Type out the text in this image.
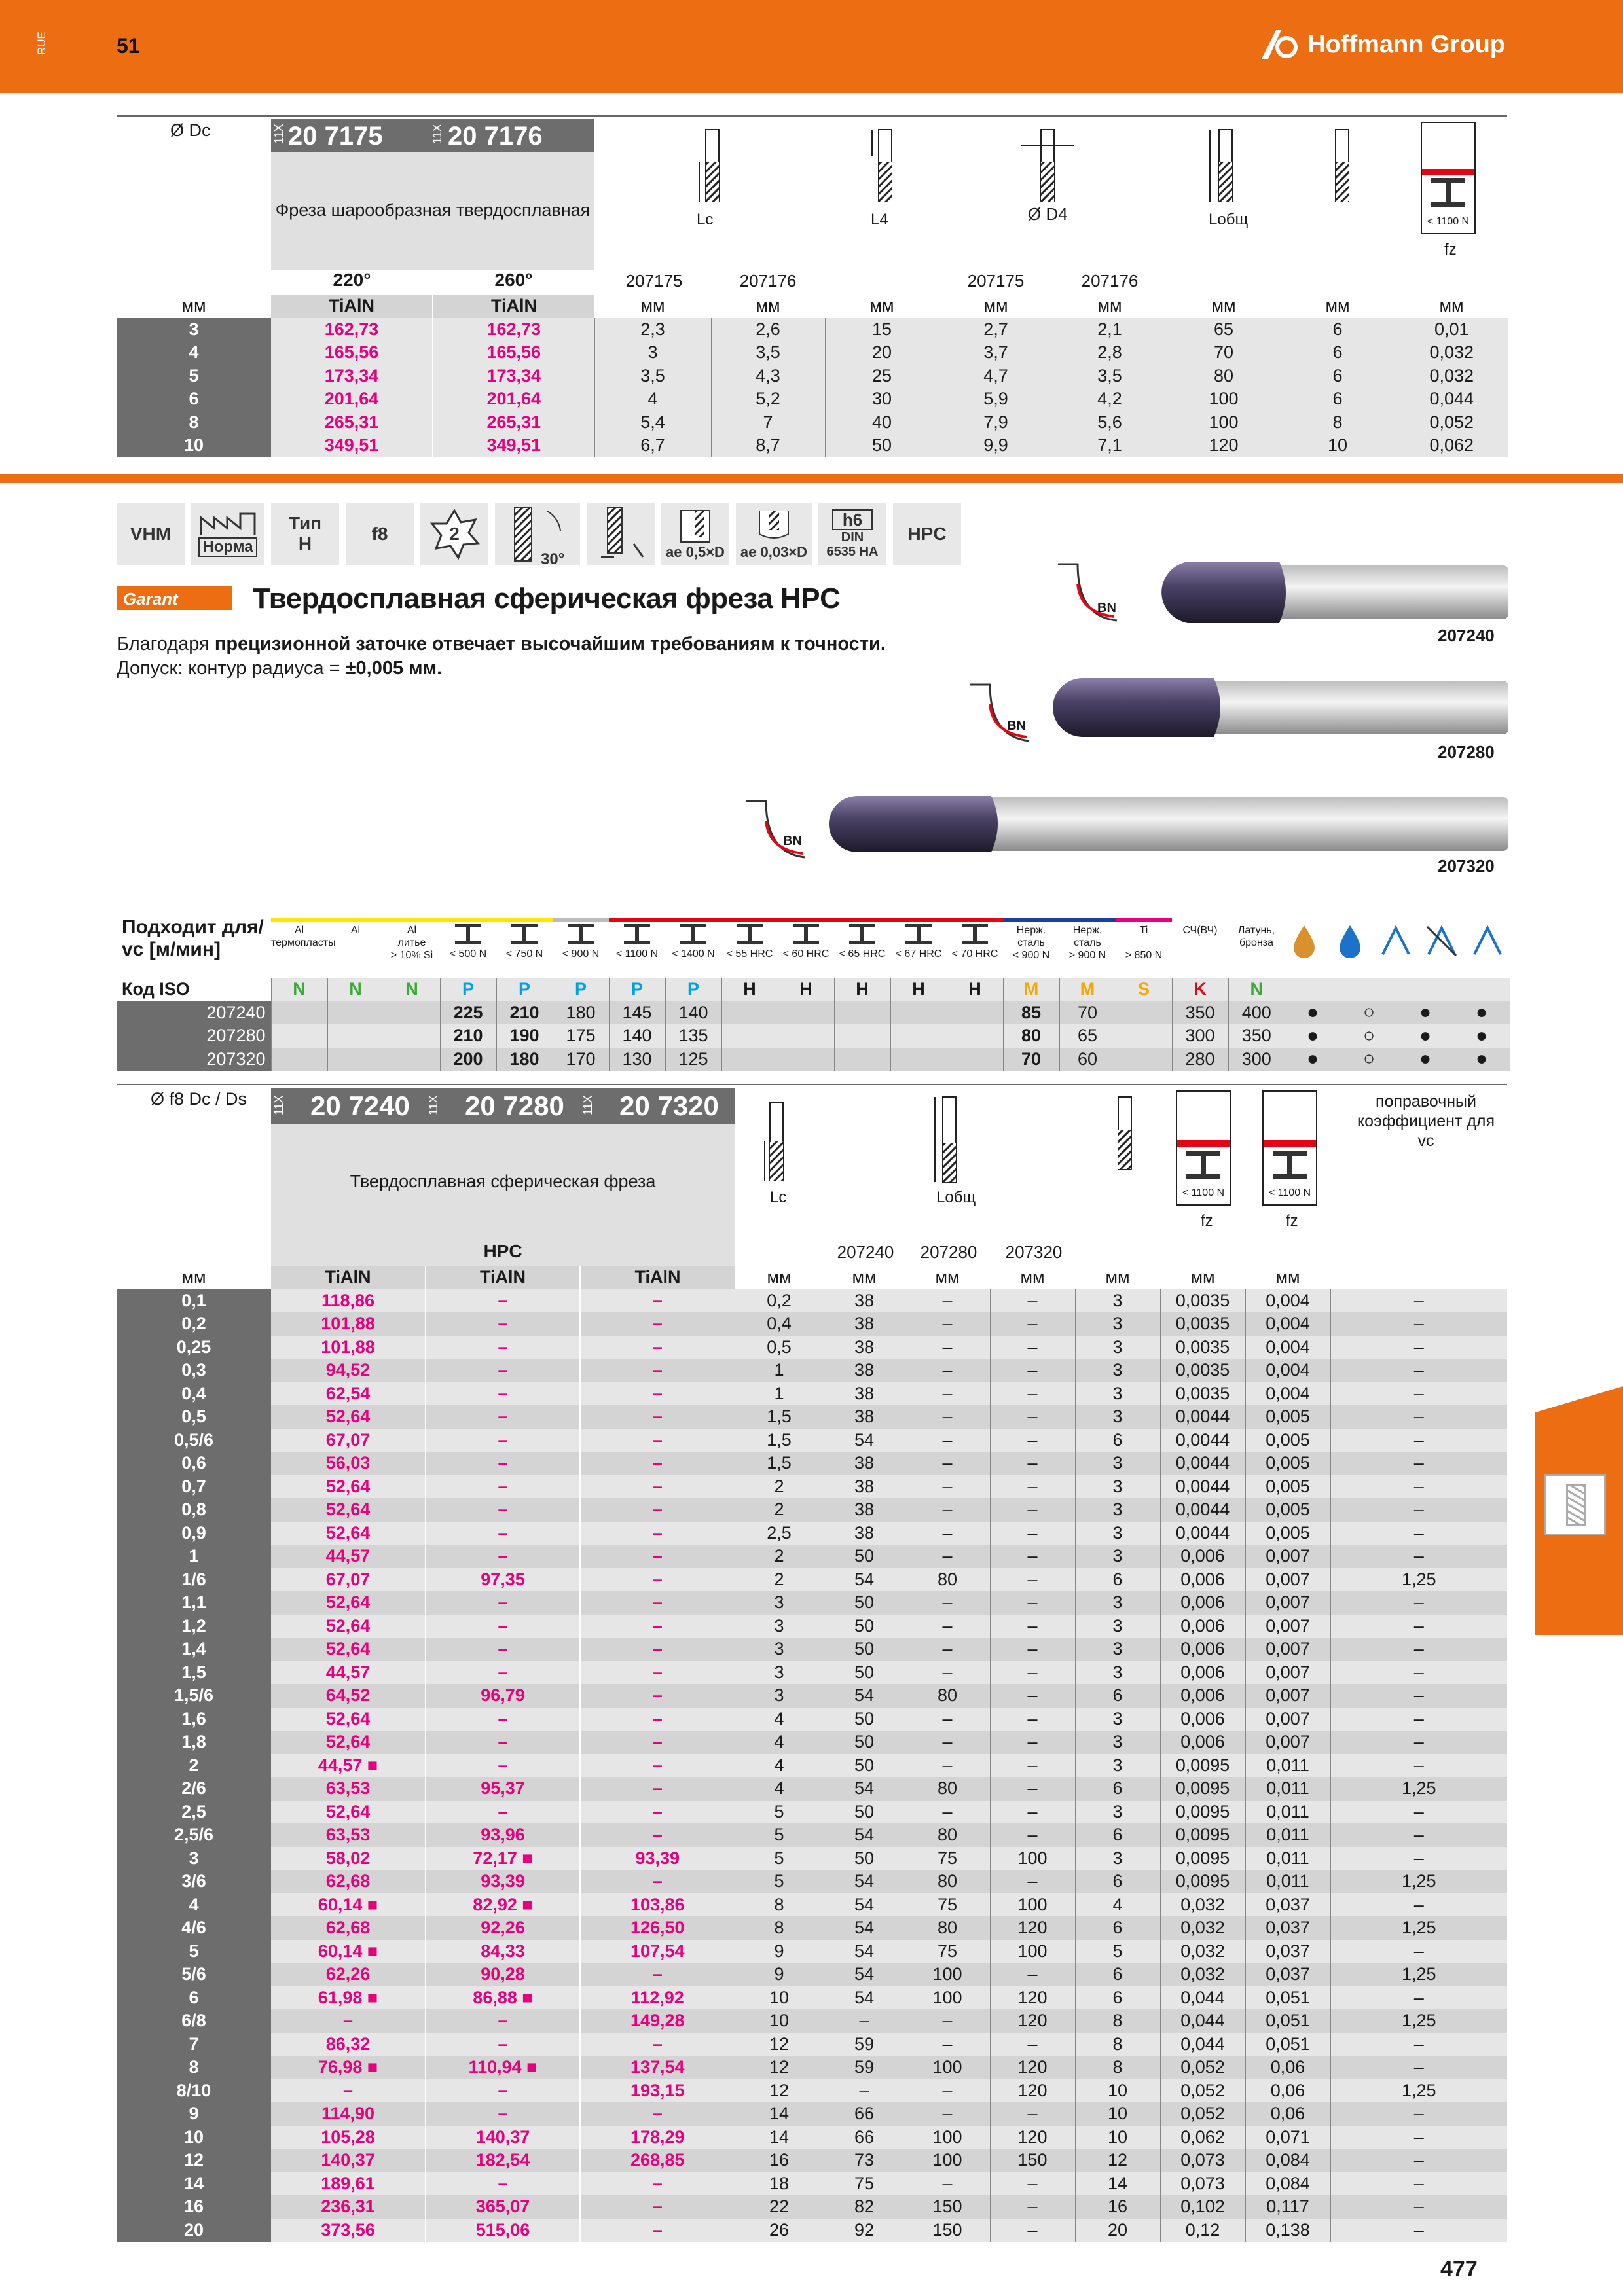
RUE	51	Hoffmann Group
Ø Dc	11X 20 7175	11X 20 7176
Фреза шарообразная твердосплавная
220°	260°
Lc	L4	Ø D4	Lобщ	< 1100 N
fz
207175	207176	207175	207176
мм	TiAlN	TiAlN	мм	мм	мм	мм	мм	мм	мм	мм
3	162,73	162,73	2,3	2,6	15	2,7	2,1	65	6	0,01
4	165,56	165,56	3	3,5	20	3,7	2,8	70	6	0,032
5	173,34	173,34	3,5	4,3	25	4,7	3,5	80	6	0,032
6	201,64	201,64	4	5,2	30	5,9	4,2	100	6	0,044
8	265,31	265,31	5,4	7	40	7,9	5,6	100	8	0,052
10	349,51	349,51	6,7	8,7	50	9,9	7,1	120	10	0,062
VHM
Норма
Тип
H	f8	2
30°	ae 0,5×D ae 0,03×D
h6
DIN
6535 HA
HPC
Garant	Твердосплавная сферическая фреза HPC
Благодаря прецизионной заточке отвечает высочайшим требованиям к точности.
Допуск: контур радиуса = ±0,005 мм.
BN
207240
BN
207280
BN
207320
Подходит для/
vc [м/мин]
Al
термопласты
Al	Al
литье
> 10% Si	< 500 N	< 750 N	< 900 N	< 1100 N	< 1400 N	< 55 HRC < 60 HRC < 65 HRC < 67 HRC < 70 HRC
Нерж.
сталь
< 900 N
Нерж.
сталь
> 900 N
Ti

> 850 N
СЧ(ВЧ)	Латунь,
бронза
Код ISO	N	N	N	P	P	P	P	P	H	H	H	H	H	M	M	S	K	N				
207240				225	210	180	145	140						85	70		350	400	●	○	●	●
207280				210	190	175	140	135						80	65		300	350	●	○	●	●
207320				200	180	170	130	125						70	60		280	300	●	○	●	●
Ø f8 Dc / Ds 11X 20 7240 11X 20 7280 11X 20 7320
Твердосплавная сферическая фреза
HPC
Lc	Lобщ	< 1100 N
fz
< 1100 N
fz
поправочный коэффициент для vc
207240	207280	207320
мм	TiAlN	TiAlN	TiAlN	мм	мм	мм	мм	мм	мм	мм	
0,1	118,86	–	–	0,2	38	–	–	3	0,0035	0,004	–
0,2	101,88	–	–	0,4	38	–	–	3	0,0035	0,004	–
0,25	101,88	–	–	0,5	38	–	–	3	0,0035	0,004	–
0,3	94,52	–	–	1	38	–	–	3	0,0035	0,004	–
0,4	62,54	–	–	1	38	–	–	3	0,0035	0,004	–
0,5	52,64	–	–	1,5	38	–	–	3	0,0044	0,005	–
0,5/6	67,07	–	–	1,5	54	–	–	6	0,0044	0,005	–
0,6	56,03	–	–	1,5	38	–	–	3	0,0044	0,005	–
0,7	52,64	–	–	2	38	–	–	3	0,0044	0,005	–
0,8	52,64	–	–	2	38	–	–	3	0,0044	0,005	–
0,9	52,64	–	–	2,5	38	–	–	3	0,0044	0,005	–
1	44,57	–	–	2	50	–	–	3	0,006	0,007	–
1/6	67,07	97,35	–	2	54	80	–	6	0,006	0,007	1,25
1,1	52,64	–	–	3	50	–	–	3	0,006	0,007	–
1,2	52,64	–	–	3	50	–	–	3	0,006	0,007	–
1,4	52,64	–	–	3	50	–	–	3	0,006	0,007	–
1,5	44,57	–	–	3	50	–	–	3	0,006	0,007	–
1,5/6	64,52	96,79	–	3	54	80	–	6	0,006	0,007	–
1,6	52,64	–	–	4	50	–	–	3	0,006	0,007	–
1,8	52,64	–	–	4	50	–	–	3	0,006	0,007	–
2	44,57 ■	–	–	4	50	–	–	3	0,0095	0,011	–
2/6	63,53	95,37	–	4	54	80	–	6	0,0095	0,011	1,25
2,5	52,64	–	–	5	50	–	–	3	0,0095	0,011	–
2,5/6	63,53	93,96	–	5	54	80	–	6	0,0095	0,011	–
3	58,02	72,17 ■	93,39	5	50	75	100	3	0,0095	0,011	–
3/6	62,68	93,39	–	5	54	80	–	6	0,0095	0,011	1,25
4	60,14 ■	82,92 ■	103,86	8	54	75	100	4	0,032	0,037	–
4/6	62,68	92,26	126,50	8	54	80	120	6	0,032	0,037	1,25
5	60,14 ■	84,33	107,54	9	54	75	100	5	0,032	0,037	–
5/6	62,26	90,28	–	9	54	100	–	6	0,032	0,037	1,25
6	61,98 ■	86,88 ■	112,92	10	54	100	120	6	0,044	0,051	–
6/8	–	–	149,28	10	–	–	120	8	0,044	0,051	1,25
7	86,32	–	–	12	59	–	–	8	0,044	0,051	–
8	76,98 ■	110,94 ■	137,54	12	59	100	120	8	0,052	0,06	–
8/10	–	–	193,15	12	–	–	120	10	0,052	0,06	1,25
9	114,90	–	–	14	66	–	–	10	0,052	0,06	–
10	105,28	140,37	178,29	14	66	100	120	10	0,062	0,071	–
12	140,37	182,54	268,85	16	73	100	150	12	0,073	0,084	–
14	189,61	–	–	18	75	–	–	14	0,073	0,084	–
16	236,31	365,07	–	22	82	150	–	16	0,102	0,117	–
20	373,56	515,06	–	26	92	150	–	20	0,12	0,138	–
477
